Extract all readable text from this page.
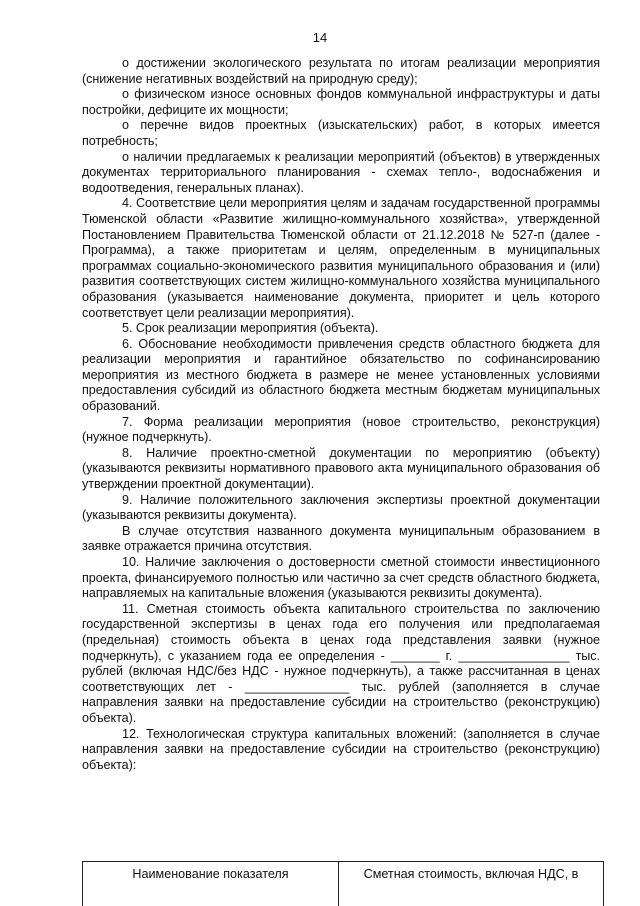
14

о достижении экологического результата по итогам реализации мероприятия (снижение негативных воздействий на природную среду);

о физическом износе основных фондов коммунальной инфраструктуры и даты постройки, дефиците их мощности;

о перечне видов проектных (изыскательских) работ, в которых имеется потребность;

о наличии предлагаемых к реализации мероприятий (объектов) в утвержденных документах территориального планирования - схемах тепло-, водоснабжения и водоотведения, генеральных планах).

4. Соответствие цели мероприятия целям и задачам государственной программы Тюменской области «Развитие жилищно-коммунального хозяйства», утвержденной Постановлением Правительства Тюменской области от 21.12.2018 № 527-п (далее - Программа), а также приоритетам и целям, определенным в муниципальных программах социально-экономического развития муниципального образования и (или) развития соответствующих систем жилищно-коммунального хозяйства муниципального образования (указывается наименование документа, приоритет и цель которого соответствует цели реализации мероприятия).

5. Срок реализации мероприятия (объекта).

6. Обоснование необходимости привлечения средств областного бюджета для реализации мероприятия и гарантийное обязательство по софинансированию мероприятия из местного бюджета в размере не менее установленных условиями предоставления субсидий из областного бюджета местным бюджетам муниципальных образований.

7. Форма реализации мероприятия (новое строительство, реконструкция) (нужное подчеркнуть).

8. Наличие проектно-сметной документации по мероприятию (объекту) (указываются реквизиты нормативного правового акта муниципального образования об утверждении проектной документации).

9. Наличие положительного заключения экспертизы проектной документации (указываются реквизиты документа).

В случае отсутствия названного документа муниципальным образованием в заявке отражается причина отсутствия.

10. Наличие заключения о достоверности сметной стоимости инвестиционного проекта, финансируемого полностью или частично за счет средств областного бюджета, направляемых на капитальные вложения (указываются реквизиты документа).

11. Сметная стоимость объекта капитального строительства по заключению государственной экспертизы в ценах года его получения или предполагаемая (предельная) стоимость объекта в ценах года представления заявки (нужное подчеркнуть), с указанием года ее определения - _______ г. ________________ тыс. рублей (включая НДС/без НДС - нужное подчеркнуть), а также рассчитанная в ценах соответствующих лет - _______________ тыс. рублей (заполняется в случае направления заявки на предоставление субсидии на строительство (реконструкцию) объекта).

12. Технологическая структура капитальных вложений: (заполняется в случае направления заявки на предоставление субсидии на строительство (реконструкцию) объекта):

Наименование показателя	Сметная стоимость, включая НДС, в
